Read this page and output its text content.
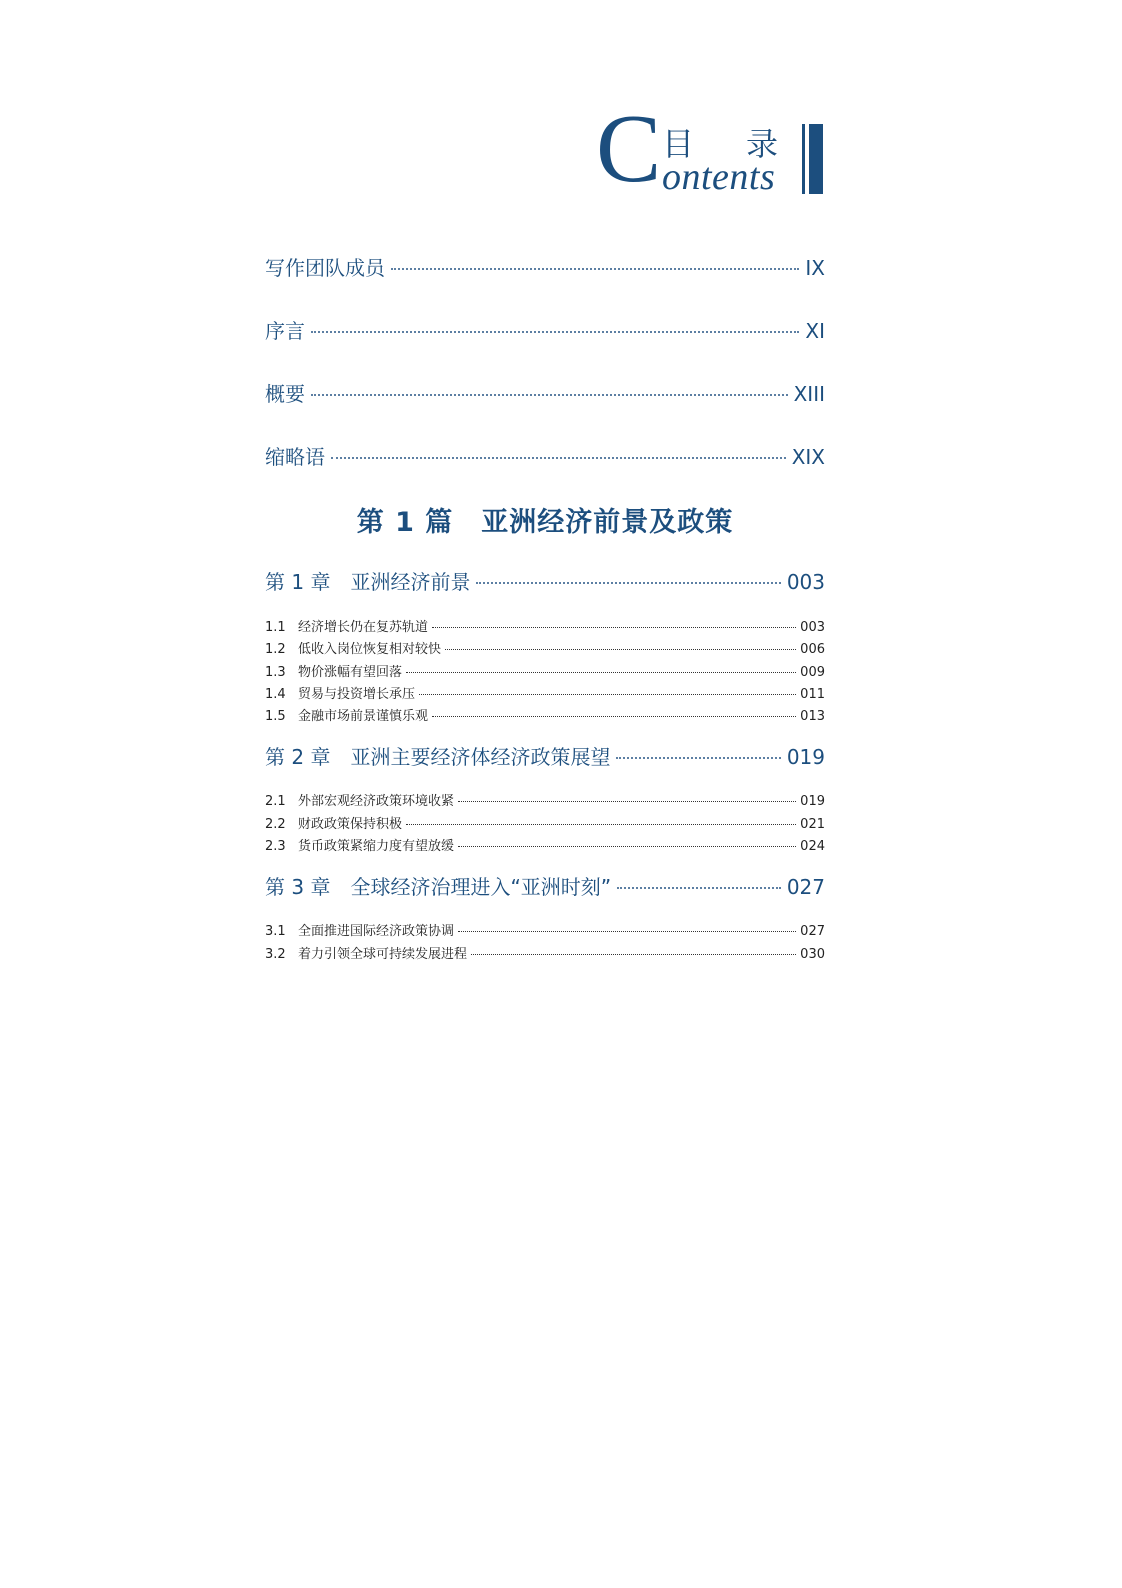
C 目 录
ontents
写作团队成员	IX
序言	XI
概要	XIII
缩略语	XIX
第 1 篇　亚洲经济前景及政策
第 1 章　亚洲经济前景	003
1.1 经济增长仍在复苏轨道	003
1.2 低收入岗位恢复相对较快	006
1.3 物价涨幅有望回落	009
1.4 贸易与投资增长承压	011
1.5 金融市场前景谨慎乐观	013
第 2 章　亚洲主要经济体经济政策展望	019
2.1 外部宏观经济政策环境收紧	019
2.2 财政政策保持积极	021
2.3 货币政策紧缩力度有望放缓	024
第 3 章　全球经济治理进入“亚洲时刻”	027
3.1 全面推进国际经济政策协调	027
3.2 着力引领全球可持续发展进程	030
